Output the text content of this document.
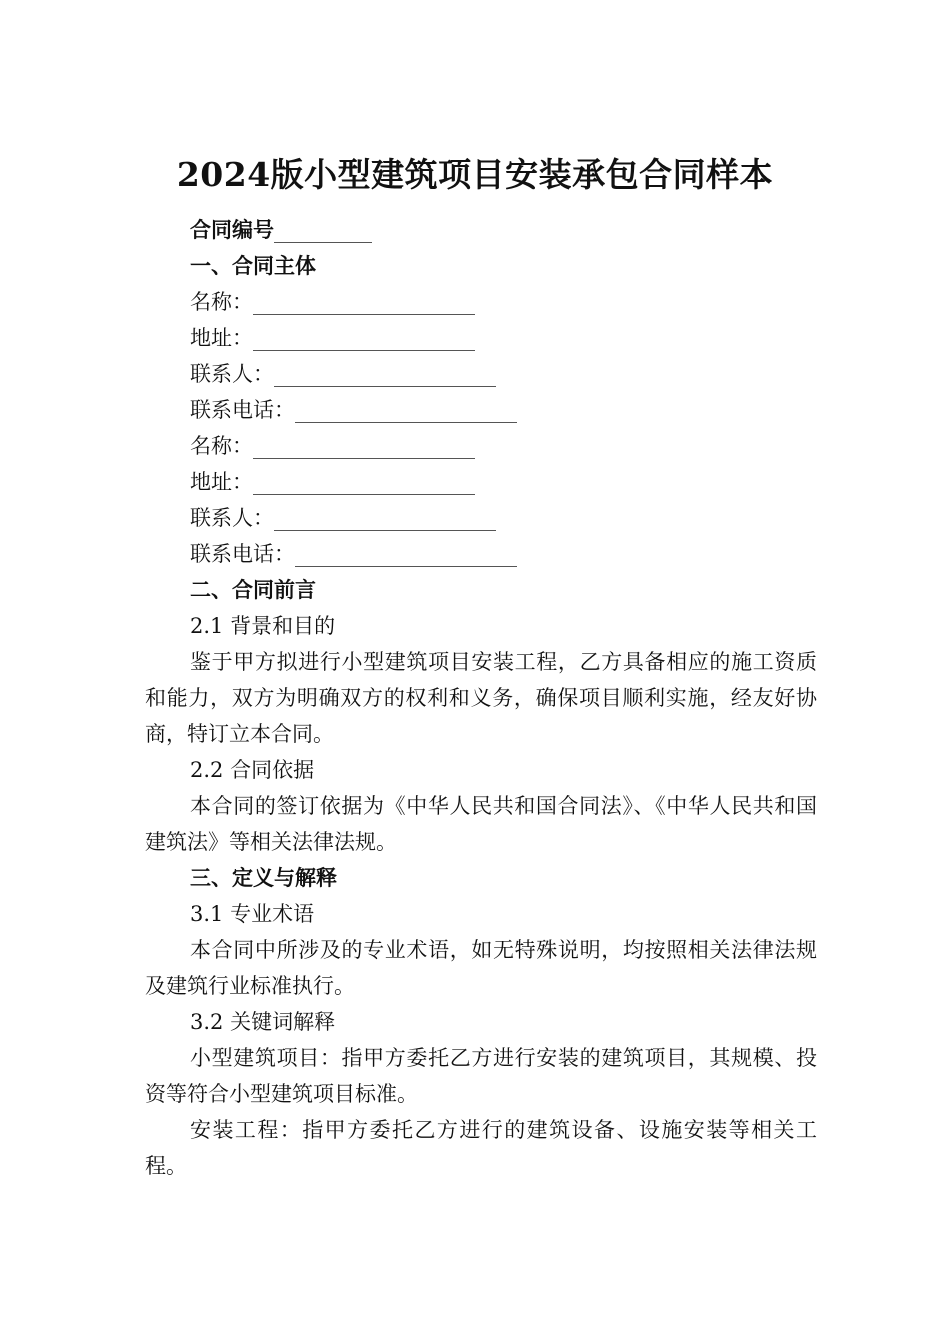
2024版小型建筑项目安装承包合同样本

合同编号

一、合同主体

名称：

地址：

联系人：

联系电话：

名称：

地址：

联系人：

联系电话：

二、合同前言

2.1 背景和目的

鉴于甲方拟进行小型建筑项目安装工程，乙方具备相应的施工资质和能力，双方为明确双方的权利和义务，确保项目顺利实施，经友好协商，特订立本合同。

2.2 合同依据

本合同的签订依据为《中华人民共和国合同法》、《中华人民共和国建筑法》等相关法律法规。

三、定义与解释

3.1 专业术语

本合同中所涉及的专业术语，如无特殊说明，均按照相关法律法规及建筑行业标准执行。

3.2 关键词解释

小型建筑项目：指甲方委托乙方进行安装的建筑项目，其规模、投资等符合小型建筑项目标准。

安装工程：指甲方委托乙方进行的建筑设备、设施安装等相关工程。
